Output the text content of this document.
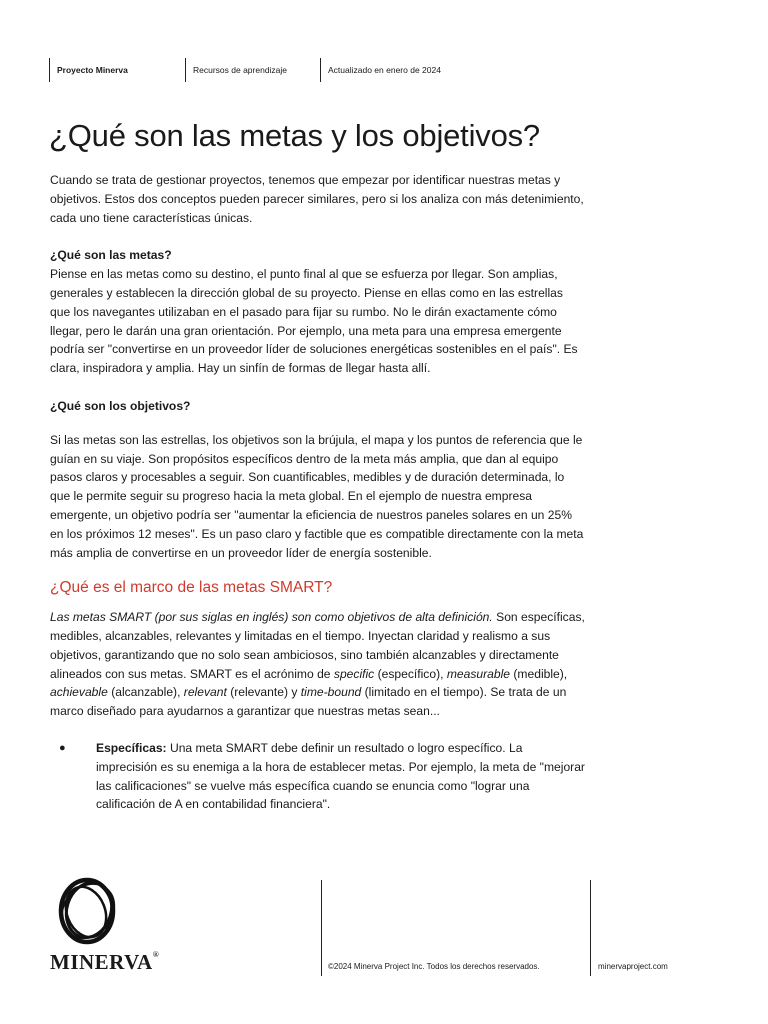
Proyecto Minerva	Recursos de aprendizaje	Actualizado en enero de 2024
¿Qué son las metas y los objetivos?

Cuando se trata de gestionar proyectos, tenemos que empezar por identificar nuestras metas y objetivos. Estos dos conceptos pueden parecer similares, pero si los analiza con más detenimiento, cada uno tiene características únicas.

¿Qué son las metas?

Piense en las metas como su destino, el punto final al que se esfuerza por llegar. Son amplias, generales y establecen la dirección global de su proyecto. Piense en ellas como en las estrellas que los navegantes utilizaban en el pasado para fijar su rumbo. No le dirán exactamente cómo llegar, pero le darán una gran orientación. Por ejemplo, una meta para una empresa emergente podría ser "convertirse en un proveedor líder de soluciones energéticas sostenibles en el país". Es clara, inspiradora y amplia. Hay un sinfín de formas de llegar hasta allí.

¿Qué son los objetivos?

Si las metas son las estrellas, los objetivos son la brújula, el mapa y los puntos de referencia que le guían en su viaje. Son propósitos específicos dentro de la meta más amplia, que dan al equipo pasos claros y procesables a seguir. Son cuantificables, medibles y de duración determinada, lo que le permite seguir su progreso hacia la meta global. En el ejemplo de nuestra empresa emergente, un objetivo podría ser "aumentar la eficiencia de nuestros paneles solares en un 25% en los próximos 12 meses". Es un paso claro y factible que es compatible directamente con la meta más amplia de convertirse en un proveedor líder de energía sostenible.

¿Qué es el marco de las metas SMART?

Las metas SMART (por sus siglas en inglés) son como objetivos de alta definición. Son específicas, medibles, alcanzables, relevantes y limitadas en el tiempo. Inyectan claridad y realismo a sus objetivos, garantizando que no solo sean ambiciosos, sino también alcanzables y directamente alineados con sus metas. SMART es el acrónimo de specific (específico), measurable (medible), achievable (alcanzable), relevant (relevante) y time-bound (limitado en el tiempo). Se trata de un marco diseñado para ayudarnos a garantizar que nuestras metas sean...

●	Específicas: Una meta SMART debe definir un resultado o logro específico. La imprecisión es su enemiga a la hora de establecer metas. Por ejemplo, la meta de "mejorar las calificaciones" se vuelve más específica cuando se enuncia como "lograr una calificación de A en contabilidad financiera".
MINERVA®
©2024 Minerva Project Inc. Todos los derechos reservados.	minervaproject.com
